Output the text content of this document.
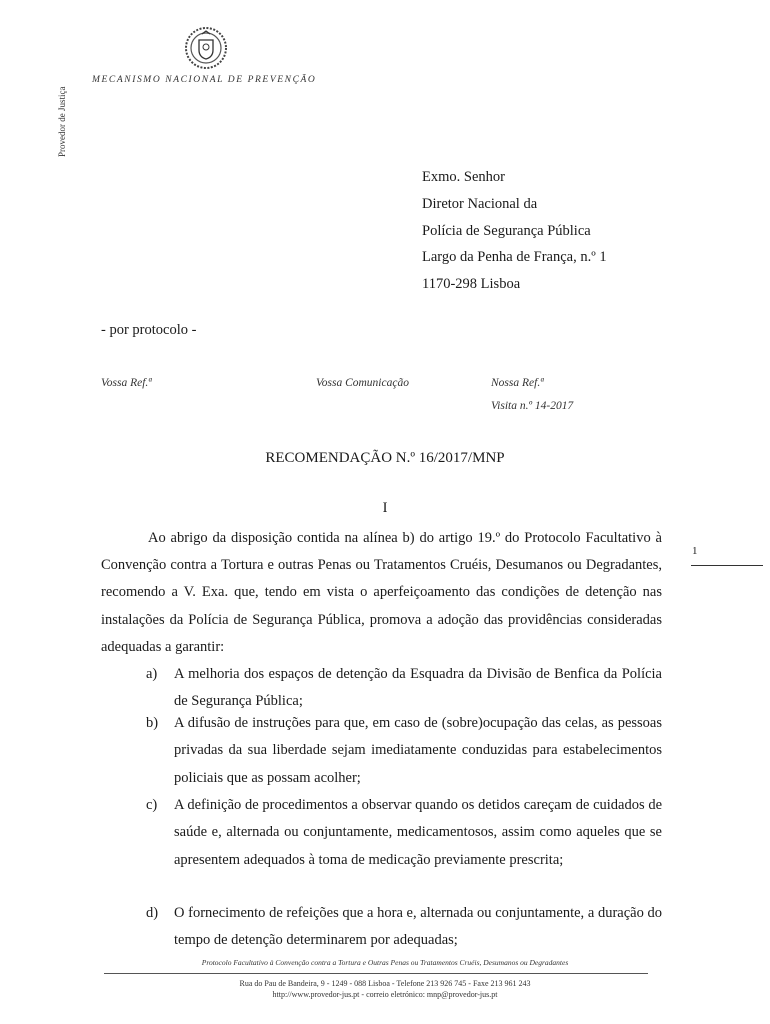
Provedor de Justiça
MECANISMO NACIONAL DE PREVENÇÃO
Exmo. Senhor
Diretor Nacional da
Polícia de Segurança Pública
Largo da Penha de França, n.º 1
1170-298 Lisboa
- por protocolo -
Vossa Ref.ª	Vossa Comunicação	Nossa Ref.ª
Visita n.º 14-2017
RECOMENDAÇÃO N.º 16/2017/MNP
I

Ao abrigo da disposição contida na alínea b) do artigo 19.º do Protocolo Facultativo à Convenção contra a Tortura e outras Penas ou Tratamentos Cruéis, Desumanos ou Degradantes, recomendo a V. Exa. que, tendo em vista o aperfeiçoamento das condições de detenção nas instalações da Polícia de Segurança Pública, promova a adoção das providências consideradas adequadas a garantir:

1
a) A melhoria dos espaços de detenção da Esquadra da Divisão de Benfica da Polícia de Segurança Pública;
b) A difusão de instruções para que, em caso de (sobre)ocupação das celas, as pessoas privadas da sua liberdade sejam imediatamente conduzidas para estabelecimentos policiais que as possam acolher;
c) A definição de procedimentos a observar quando os detidos careçam de cuidados de saúde e, alternada ou conjuntamente, medicamentosos, assim como aqueles que se apresentem adequados à toma de medicação previamente prescrita;
d) O fornecimento de refeições que a hora e, alternada ou conjuntamente, a duração do tempo de detenção determinarem por adequadas;
Protocolo Facultativo à Convenção contra a Tortura e Outras Penas ou Tratamentos Cruéis, Desumanos ou Degradantes
Rua do Pau de Bandeira, 9 - 1249 - 088 Lisboa - Telefone 213 926 745 - Faxe 213 961 243
http://www.provedor-jus.pt - correio eletrónico: mnp@provedor-jus.pt
